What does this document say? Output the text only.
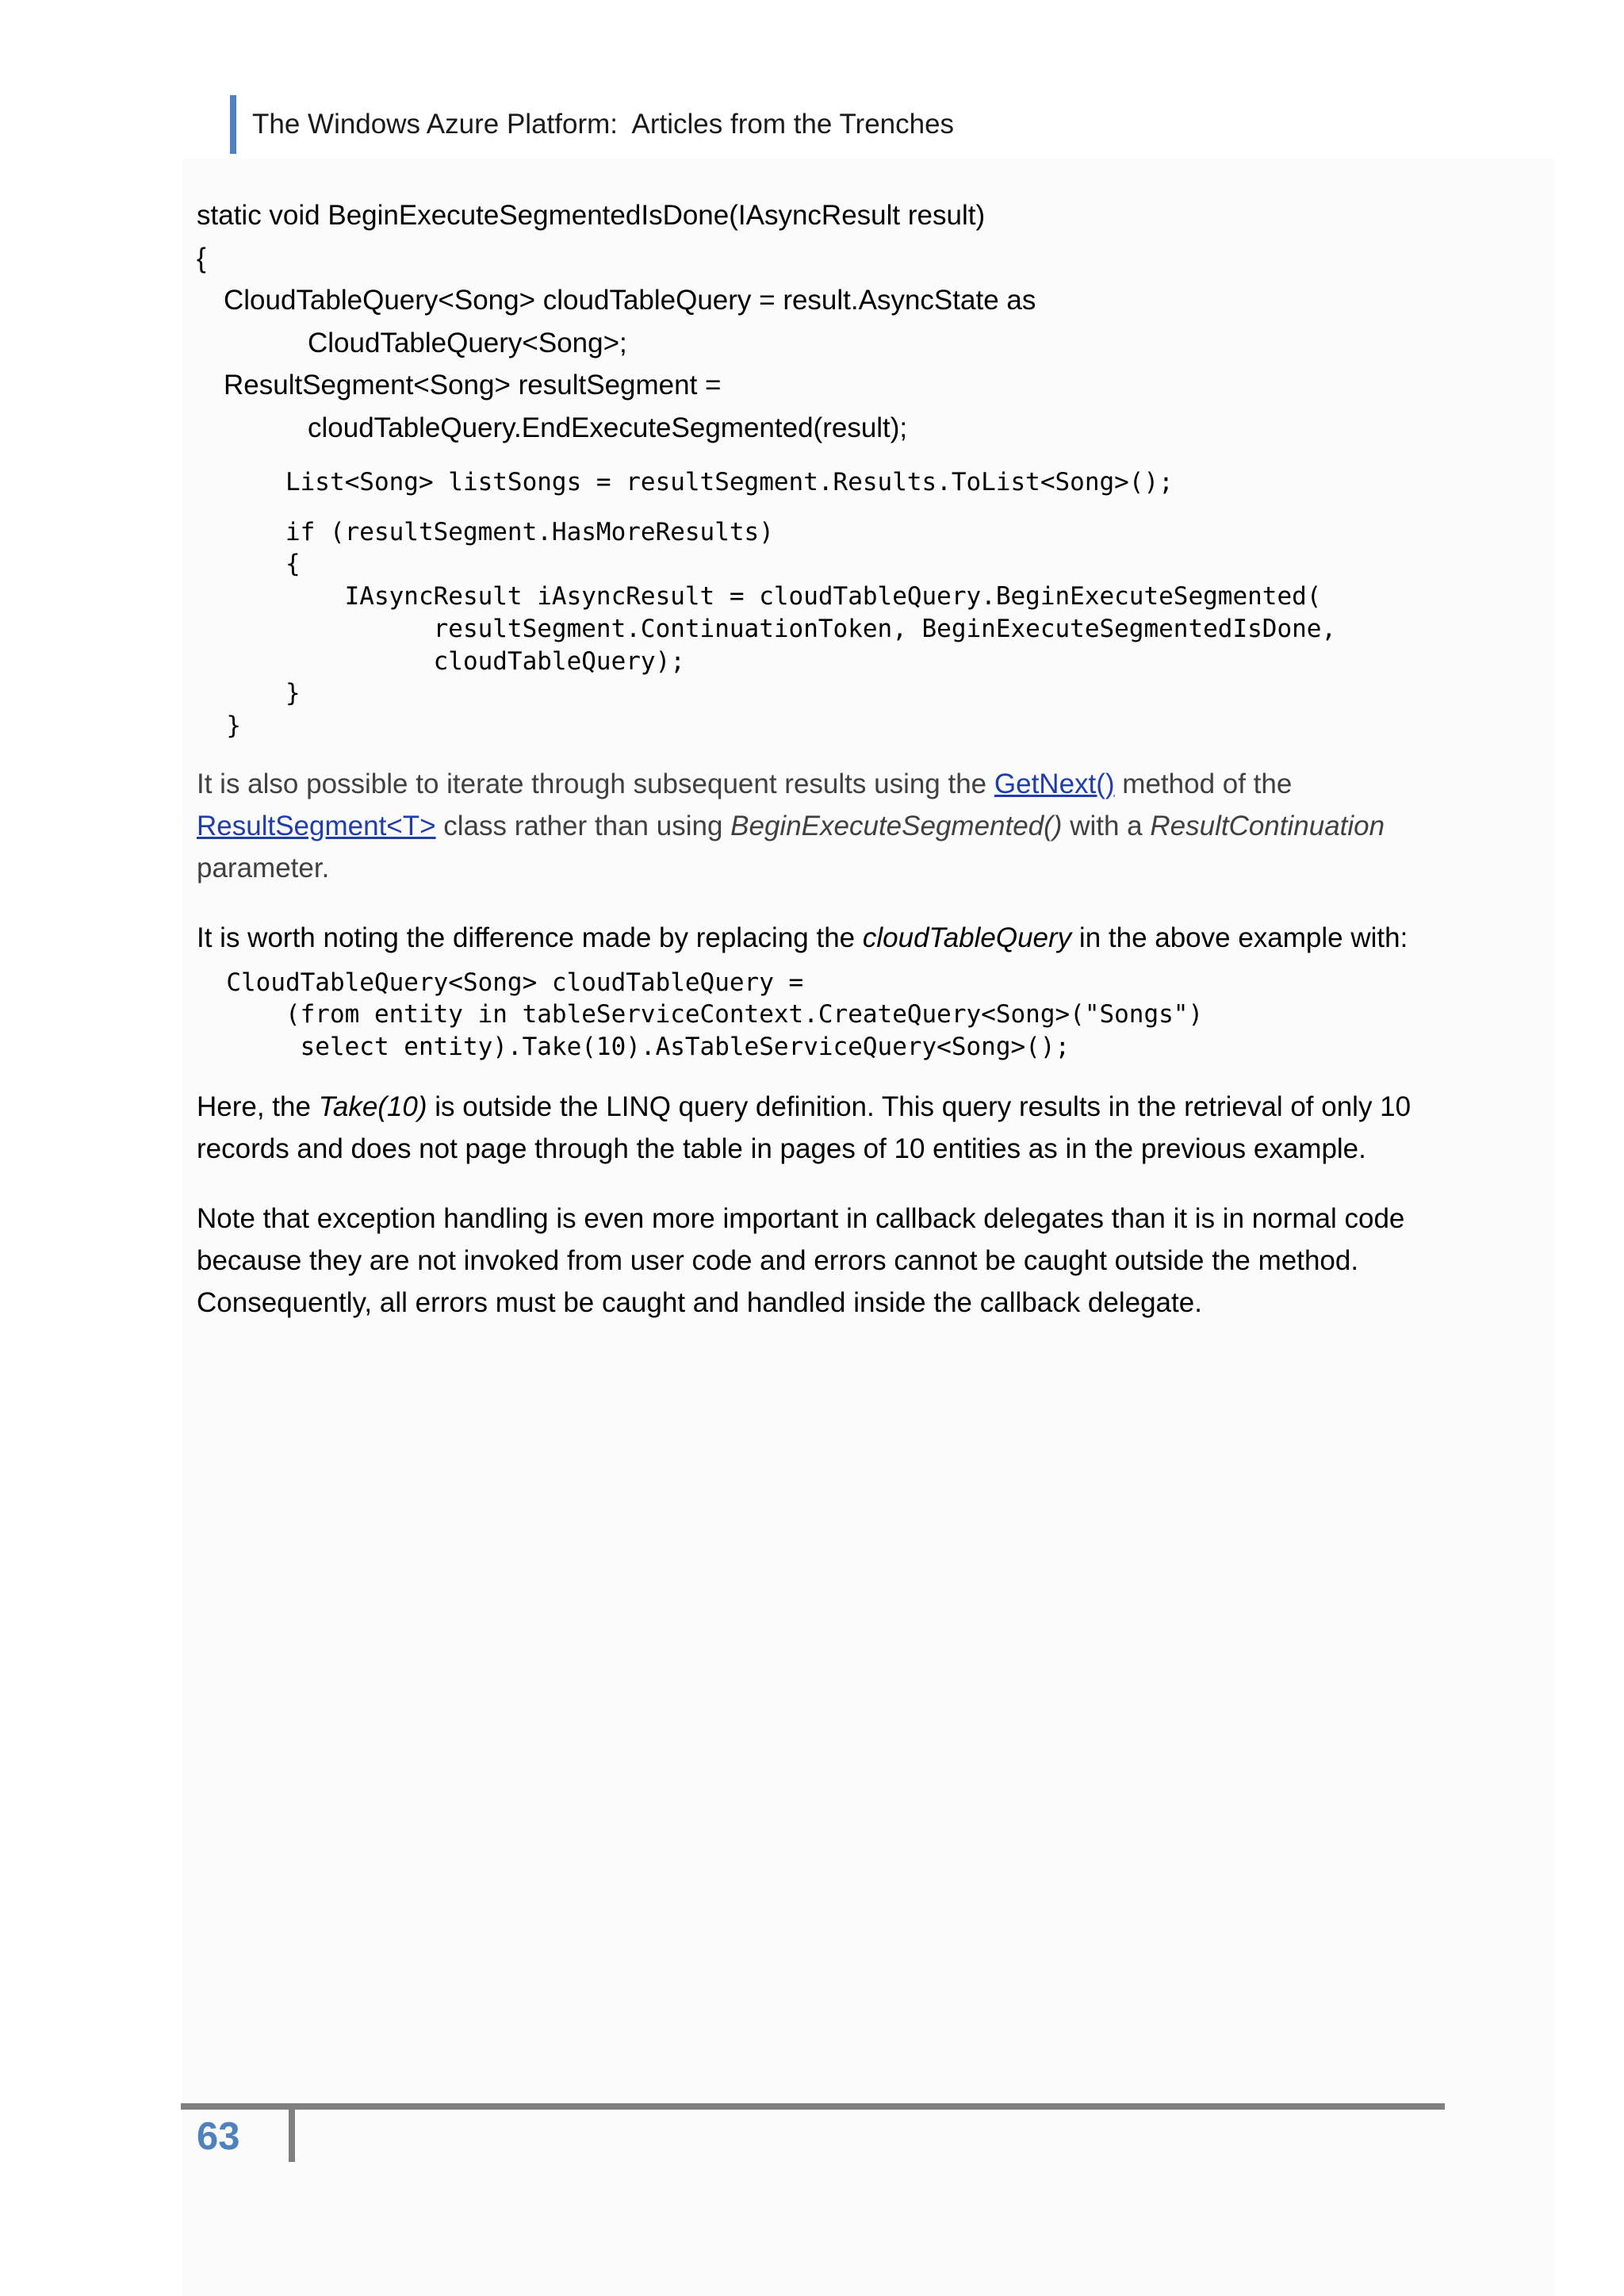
The Windows Azure Platform:  Articles from the Trenches
static void BeginExecuteSegmentedIsDone(IAsyncResult result)
{
CloudTableQuery<Song> cloudTableQuery = result.AsyncState as
CloudTableQuery<Song>;
ResultSegment<Song> resultSegment =
cloudTableQuery.EndExecuteSegmented(result);
List<Song> listSongs = resultSegment.Results.ToList<Song>();
if (resultSegment.HasMoreResults)
{
IAsyncResult iAsyncResult = cloudTableQuery.BeginExecuteSegmented(
resultSegment.ContinuationToken, BeginExecuteSegmentedIsDone,
cloudTableQuery);
}
}

It is also possible to iterate through subsequent results using the GetNext() method of the ResultSegment<T> class rather than using BeginExecuteSegmented() with a ResultContinuation parameter.

It is worth noting the difference made by replacing the cloudTableQuery in the above example with:

CloudTableQuery<Song> cloudTableQuery =
(from entity in tableServiceContext.CreateQuery<Song>("Songs")
select entity).Take(10).AsTableServiceQuery<Song>();

Here, the Take(10) is outside the LINQ query definition. This query results in the retrieval of only 10 records and does not page through the table in pages of 10 entities as in the previous example.

Note that exception handling is even more important in callback delegates than it is in normal code because they are not invoked from user code and errors cannot be caught outside the method. Consequently, all errors must be caught and handled inside the callback delegate.

63
